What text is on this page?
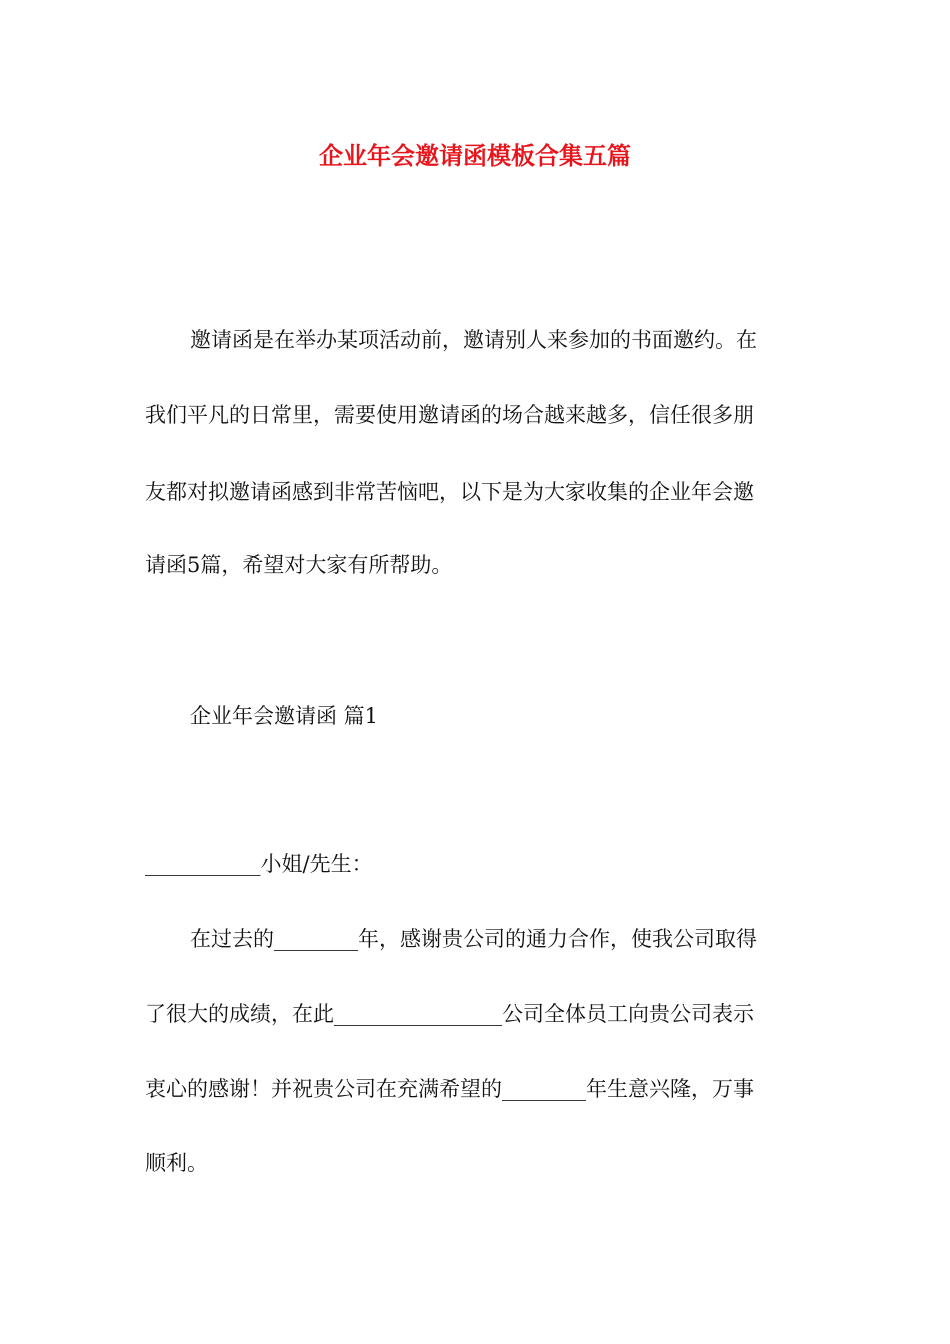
企业年会邀请函模板合集五篇
邀请函是在举办某项活动前，邀请别人来参加的书面邀约。在
我们平凡的日常里，需要使用邀请函的场合越来越多，信任很多朋
友都对拟邀请函感到非常苦恼吧，以下是为大家收集的企业年会邀
请函5篇，希望对大家有所帮助。
企业年会邀请函 篇1
___________小姐/先生：
在过去的________年，感谢贵公司的通力合作，使我公司取得
了很大的成绩，在此________________公司全体员工向贵公司表示
衷心的感谢！并祝贵公司在充满希望的________年生意兴隆，万事
顺利。
